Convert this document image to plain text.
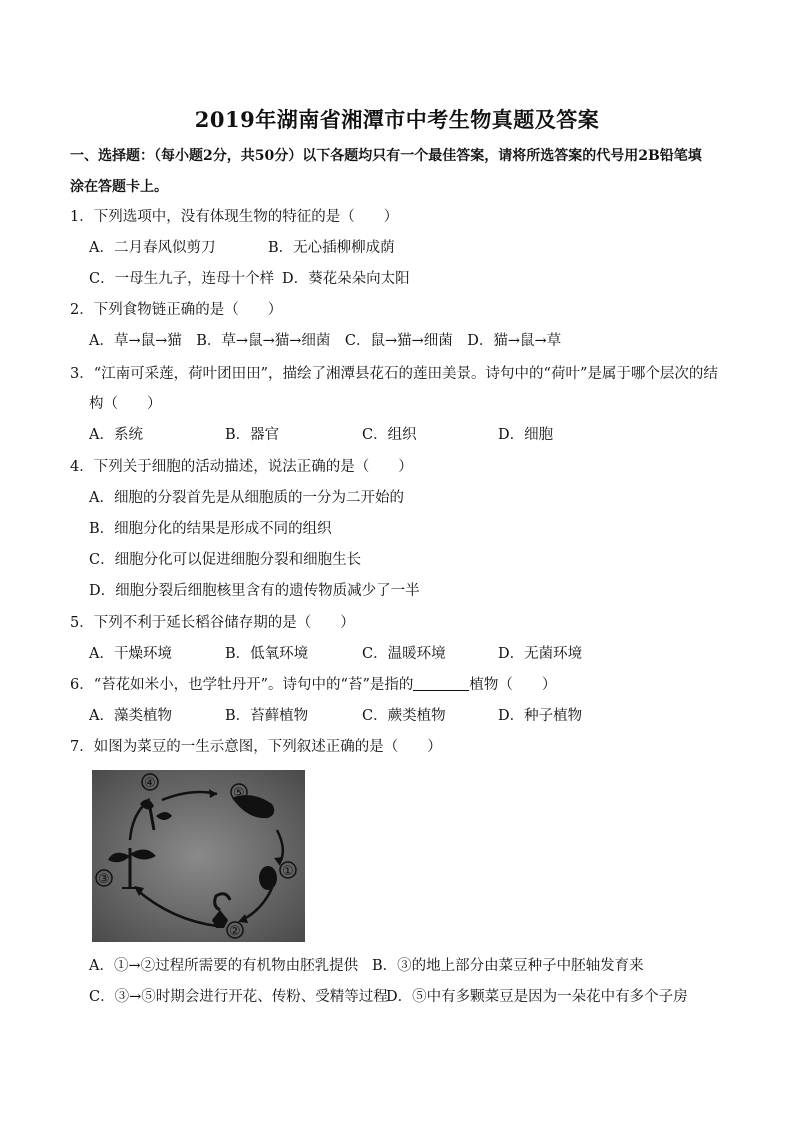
2019年湖南省湘潭市中考生物真题及答案
一、选择题：（每小题2分，共50分）以下各题均只有一个最佳答案，请将所选答案的代号用2B铅笔填
涂在答题卡上。
1．下列选项中，没有体现生物的特征的是（　　）
A．二月春风似剪刀	B．无心插柳柳成荫
C．一母生九子，连母十个样 D．葵花朵朵向太阳
2．下列食物链正确的是（　　）
A．草→鼠→猫　B．草→鼠→猫→细菌　C．鼠→猫→细菌　D．猫→鼠→草
3．“江南可采莲，荷叶团田田”，描绘了湘潭县花石的莲田美景。诗句中的“荷叶”是属于哪个层次的结
构（　　）
A．系统	B．器官	C．组织	D．细胞
4．下列关于细胞的活动描述，说法正确的是（　　）
A．细胞的分裂首先是从细胞质的一分为二开始的
B．细胞分化的结果是形成不同的组织
C．细胞分化可以促进细胞分裂和细胞生长
D．细胞分裂后细胞核里含有的遗传物质减少了一半
5．下列不利于延长稻谷储存期的是（　　）
A．干燥环境	B．低氧环境	C．温暖环境	D．无菌环境
6．“苔花如米小，也学牡丹开”。诗句中的“苔”是指的	植物（　　）
A．藻类植物	B．苔藓植物	C．蕨类植物	D．种子植物
7．如图为菜豆的一生示意图，下列叙述正确的是（　　）
④
⑤
①
②
③
A．①→②过程所需要的有机物由胚乳提供 B．③的地上部分由菜豆种子中胚轴发育来
C．③→⑤时期会进行开花、传粉、受精等过程
D．⑤中有多颗菜豆是因为一朵花中有多个子房
